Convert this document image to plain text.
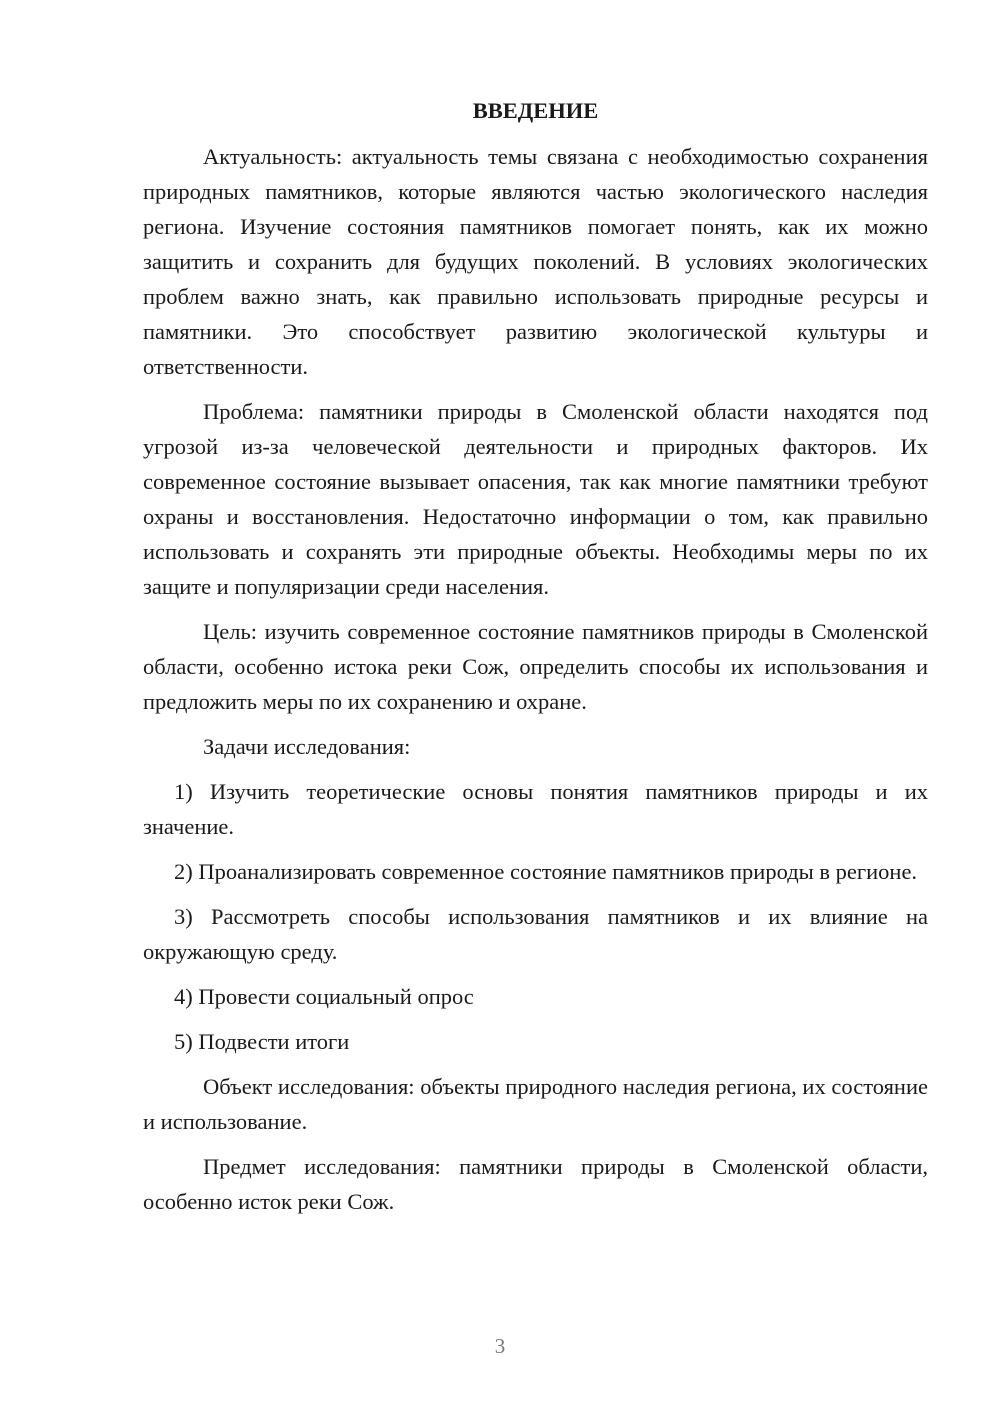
ВВЕДЕНИЕ

Актуальность: актуальность темы связана с необходимостью сохранения природных памятников, которые являются частью экологического наследия региона. Изучение состояния памятников помогает понять, как их можно защитить и сохранить для будущих поколений. В условиях экологических проблем важно знать, как правильно использовать природные ресурсы и памятники. Это способствует развитию экологической культуры и ответственности.

Проблема: памятники природы в Смоленской области находятся под угрозой из-за человеческой деятельности и природных факторов. Их современное состояние вызывает опасения, так как многие памятники требуют охраны и восстановления. Недостаточно информации о том, как правильно использовать и сохранять эти природные объекты. Необходимы меры по их защите и популяризации среди населения.

Цель: изучить современное состояние памятников природы в Смоленской области, особенно истока реки Сож, определить способы их использования и предложить меры по их сохранению и охране.

Задачи исследования:

1) Изучить теоретические основы понятия памятников природы и их значение.

2) Проанализировать современное состояние памятников природы в регионе.

3) Рассмотреть способы использования памятников и их влияние на окружающую среду.

4) Провести социальный опрос

5) Подвести итоги

Объект исследования: объекты природного наследия региона, их состояние и использование.

Предмет исследования: памятники природы в Смоленской области, особенно исток реки Сож.

3
